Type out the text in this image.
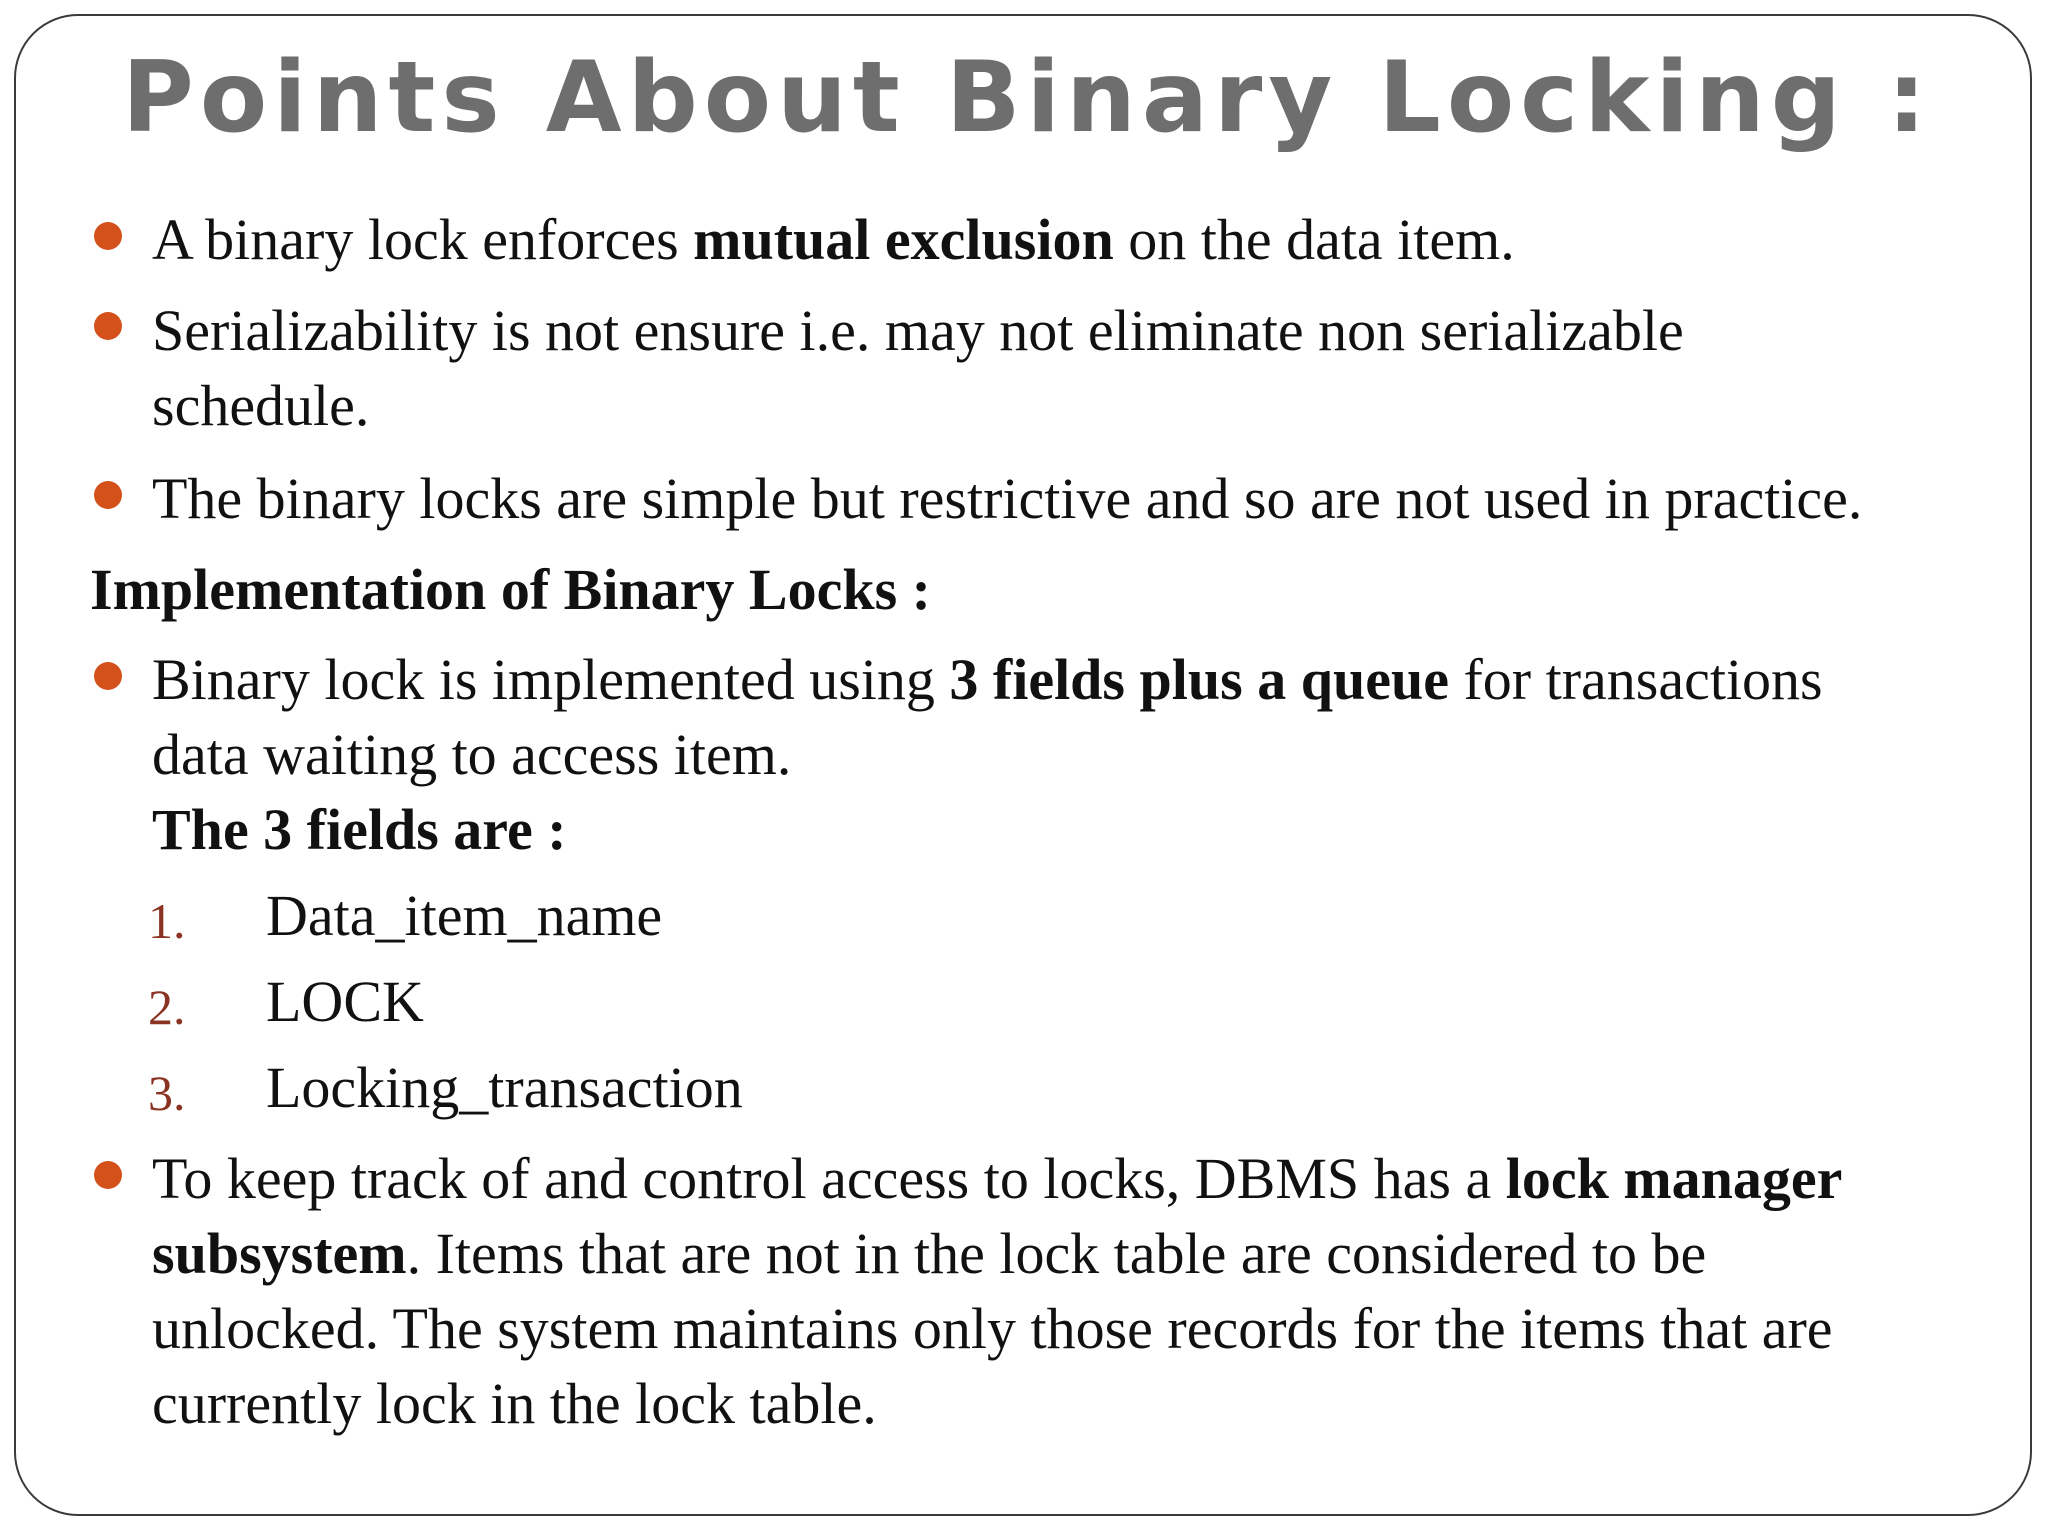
Points About Binary Locking :
A binary lock enforces mutual exclusion on the data item.
Serializability is not ensure i.e. may not eliminate non serializable
schedule.
The binary locks are simple but restrictive and so are not used in practice.
Implementation of Binary Locks :
Binary lock is implemented using 3 fields plus a queue for transactions
data waiting to access item.
The 3 fields are :
1. Data_item_name
2. LOCK
3. Locking_transaction
To keep track of and control access to locks, DBMS has a lock manager
subsystem. Items that are not in the lock table are considered to be
unlocked. The system maintains only those records for the items that are
currently lock in the lock table.
